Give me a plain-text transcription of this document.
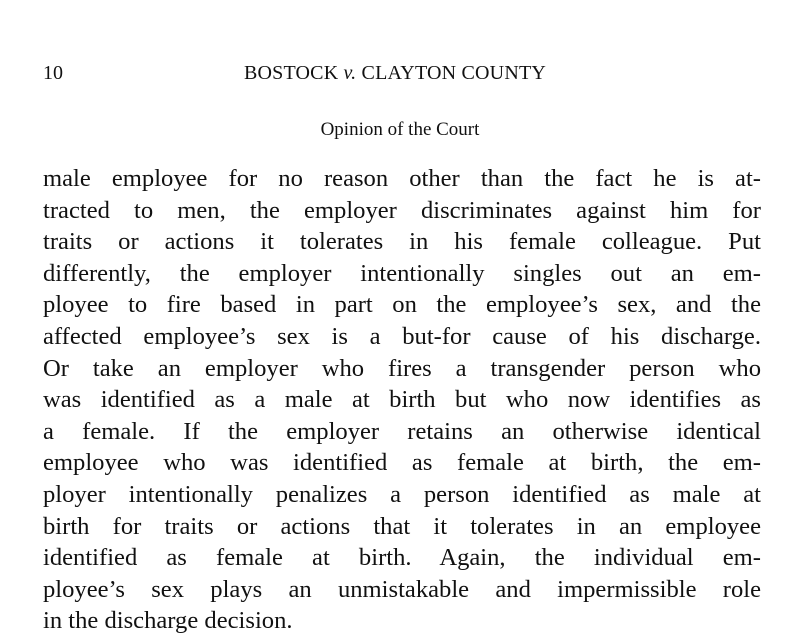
10	BOSTOCK v. CLAYTON COUNTY
Opinion of the Court
male employee for no reason other than the fact he is at-
tracted to men, the employer discriminates against him for
traits or actions it tolerates in his female colleague. Put
differently, the employer intentionally singles out an em-
ployee to fire based in part on the employee’s sex, and the
affected employee’s sex is a but-for cause of his discharge.
Or take an employer who fires a transgender person who
was identified as a male at birth but who now identifies as
a female. If the employer retains an otherwise identical
employee who was identified as female at birth, the em-
ployer intentionally penalizes a person identified as male at
birth for traits or actions that it tolerates in an employee
identified as female at birth. Again, the individual em-
ployee’s sex plays an unmistakable and impermissible role
in the discharge decision.
